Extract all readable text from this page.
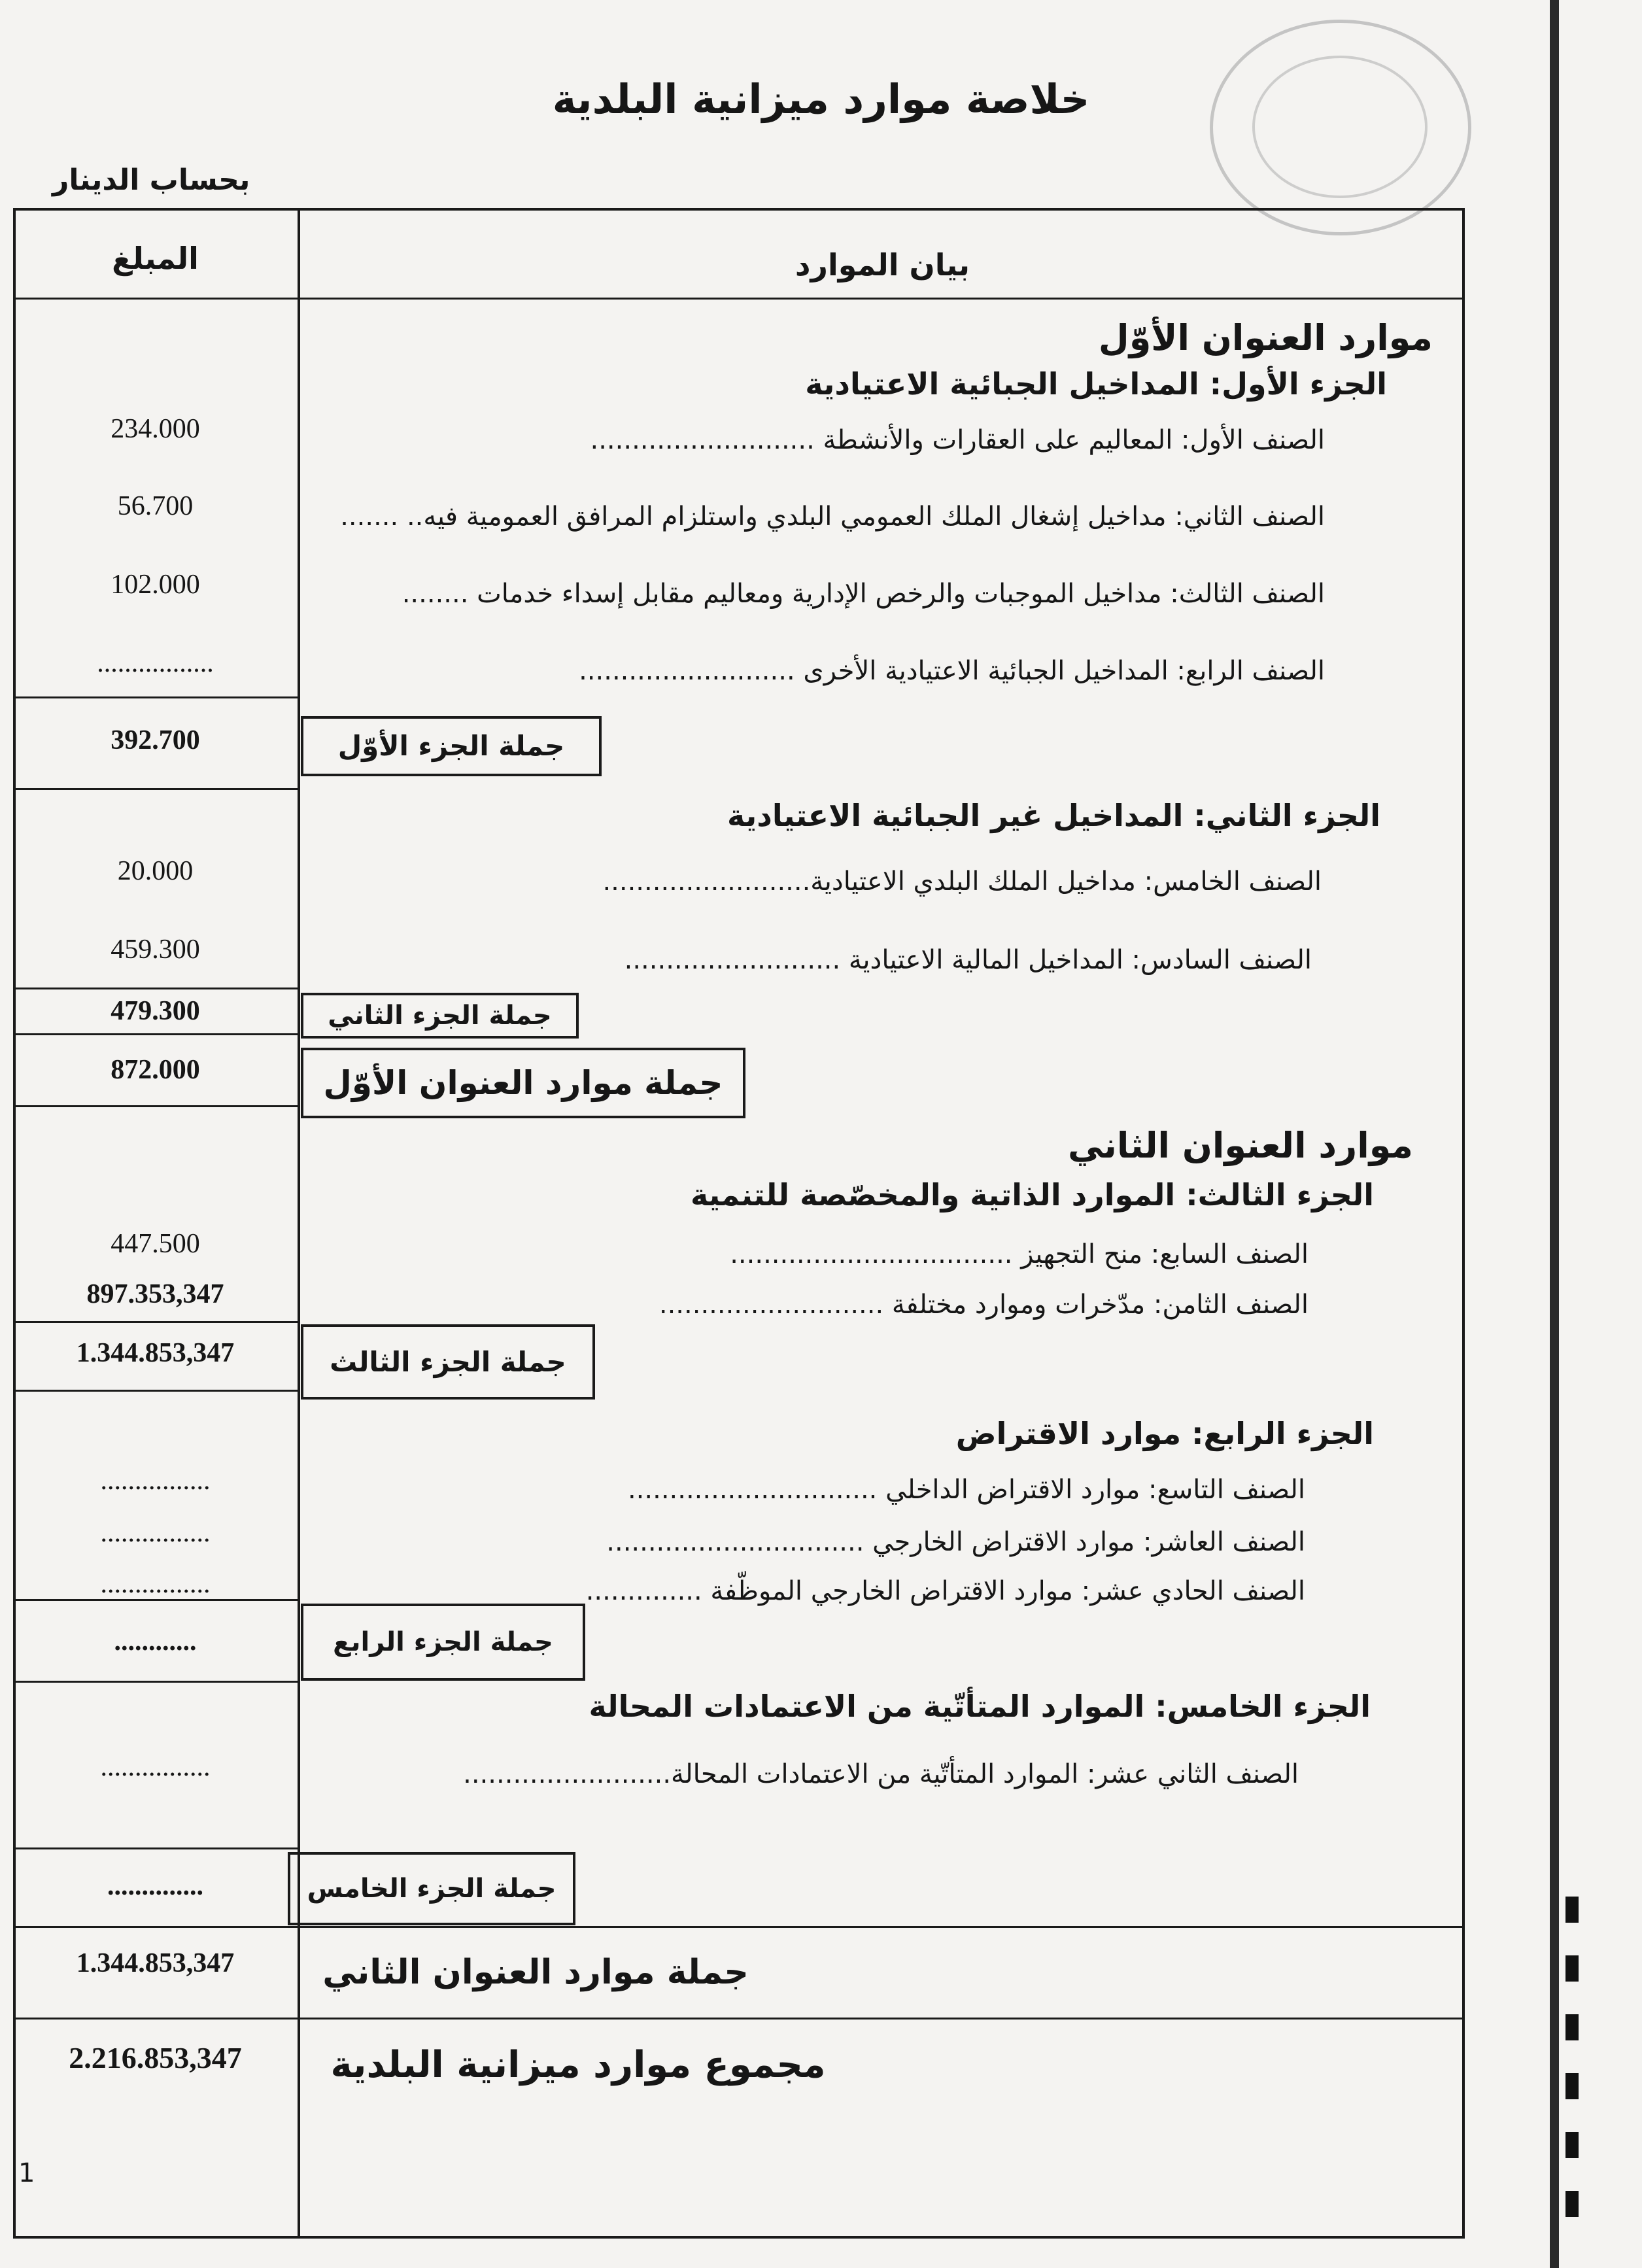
خلاصة موارد ميزانية البلدية
بحساب الدينار
المبلغ	بيان الموارد
موارد العنوان الأوّل
الجزء الأول: المداخيل الجبائية الاعتيادية
الصنف الأول: المعاليم على العقارات والأنشطة ...........................
234.000
الصنف الثاني: مداخيل إشغال الملك العمومي البلدي واستلزام المرافق العمومية فيه.. .......
56.700
الصنف الثالث: مداخيل الموجبات والرخص الإدارية ومعاليم مقابل إسداء خدمات ........
102.000
الصنف الرابع: المداخيل الجبائية الاعتيادية الأخرى ..........................
.................
جملة الجزء الأوّل
392.700
الجزء الثاني: المداخيل غير الجبائية الاعتيادية
الصنف الخامس: مداخيل الملك البلدي الاعتيادية.........................
20.000
الصنف السادس: المداخيل المالية الاعتيادية ..........................
459.300
جملة الجزء الثاني
479.300
جملة موارد العنوان الأوّل
872.000
موارد العنوان الثاني
الجزء الثالث: الموارد الذاتية والمخصّصة للتنمية
الصنف السابع: منح التجهيز ..................................
447.500
الصنف الثامن: مدّخرات وموارد مختلفة ...........................
897.353,347
جملة الجزء الثالث
1.344.853,347
الجزء الرابع: موارد الاقتراض
الصنف التاسع: موارد الاقتراض الداخلي ..............................
................
الصنف العاشر: موارد الاقتراض الخارجي ...............................
................
الصنف الحادي عشر: موارد الاقتراض الخارجي الموظّفة ..............
................
جملة الجزء الرابع
............
الجزء الخامس: الموارد المتأتّية من الاعتمادات المحالة
الصنف الثاني عشر: الموارد المتأتّية من الاعتمادات المحالة.........................
................
جملة الجزء الخامس
..............
جملة موارد العنوان الثاني
1.344.853,347
مجموع موارد ميزانية البلدية
2.216.853,347
1
